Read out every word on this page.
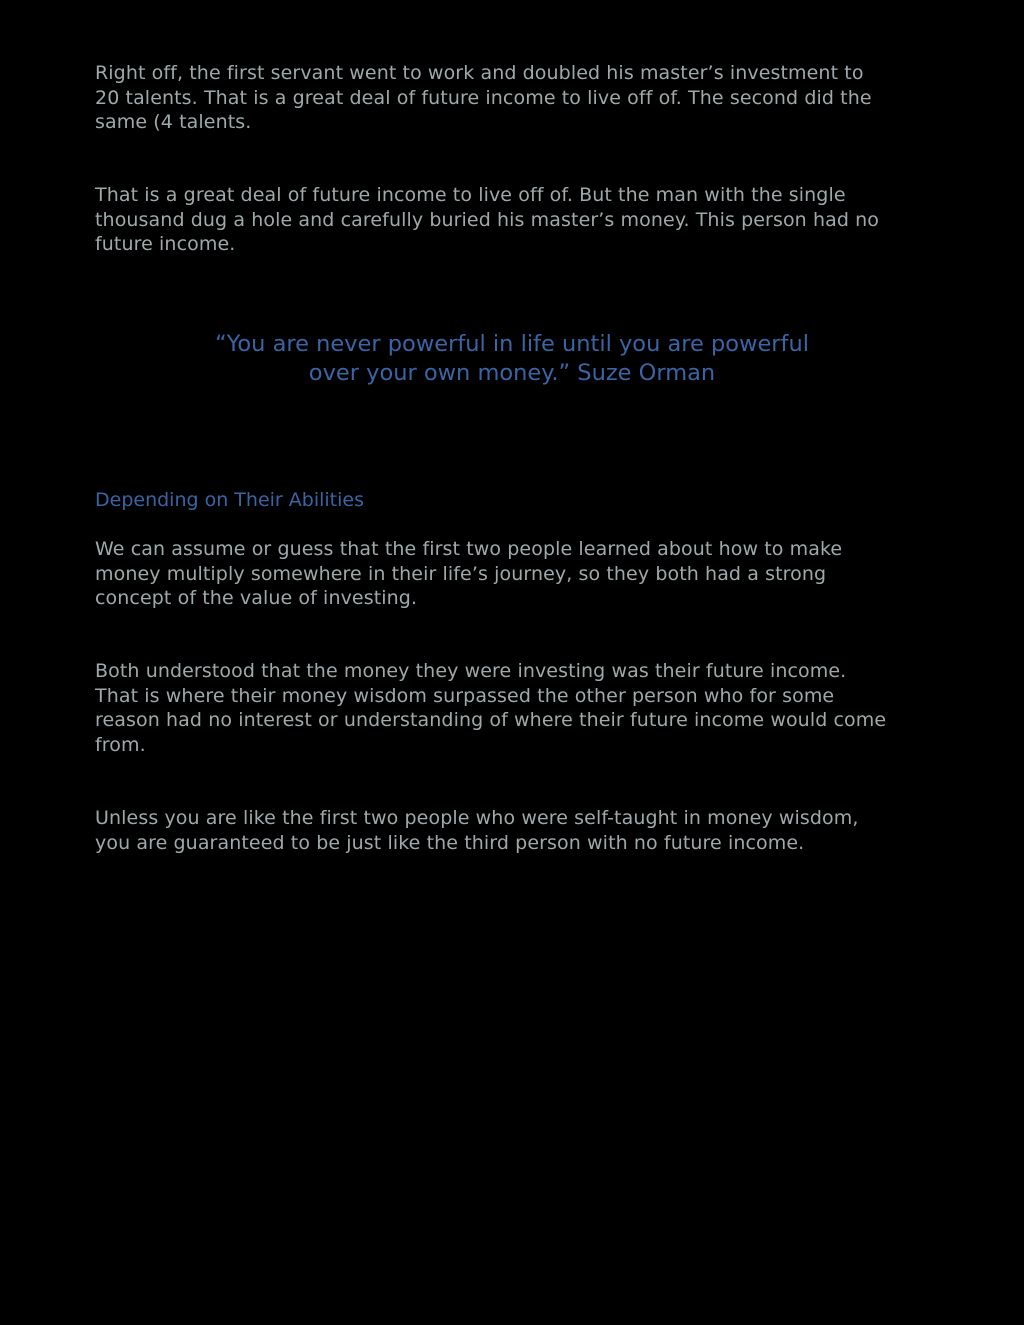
Right off, the first servant went to work and doubled his master’s investment to
20 talents. That is a great deal of future income to live off of. The second did the
same (4 talents.

That is a great deal of future income to live off of. But the man with the single
thousand dug a hole and carefully buried his master’s money. This person had no
future income.

“You are never powerful in life until you are powerful
over your own money.” Suze Orman
Depending on Their Abilities

We can assume or guess that the first two people learned about how to make
money multiply somewhere in their life’s journey, so they both had a strong
concept of the value of investing.

Both understood that the money they were investing was their future income.
That is where their money wisdom surpassed the other person who for some
reason had no interest or understanding of where their future income would come
from.

Unless you are like the first two people who were self-taught in money wisdom,
you are guaranteed to be just like the third person with no future income.
